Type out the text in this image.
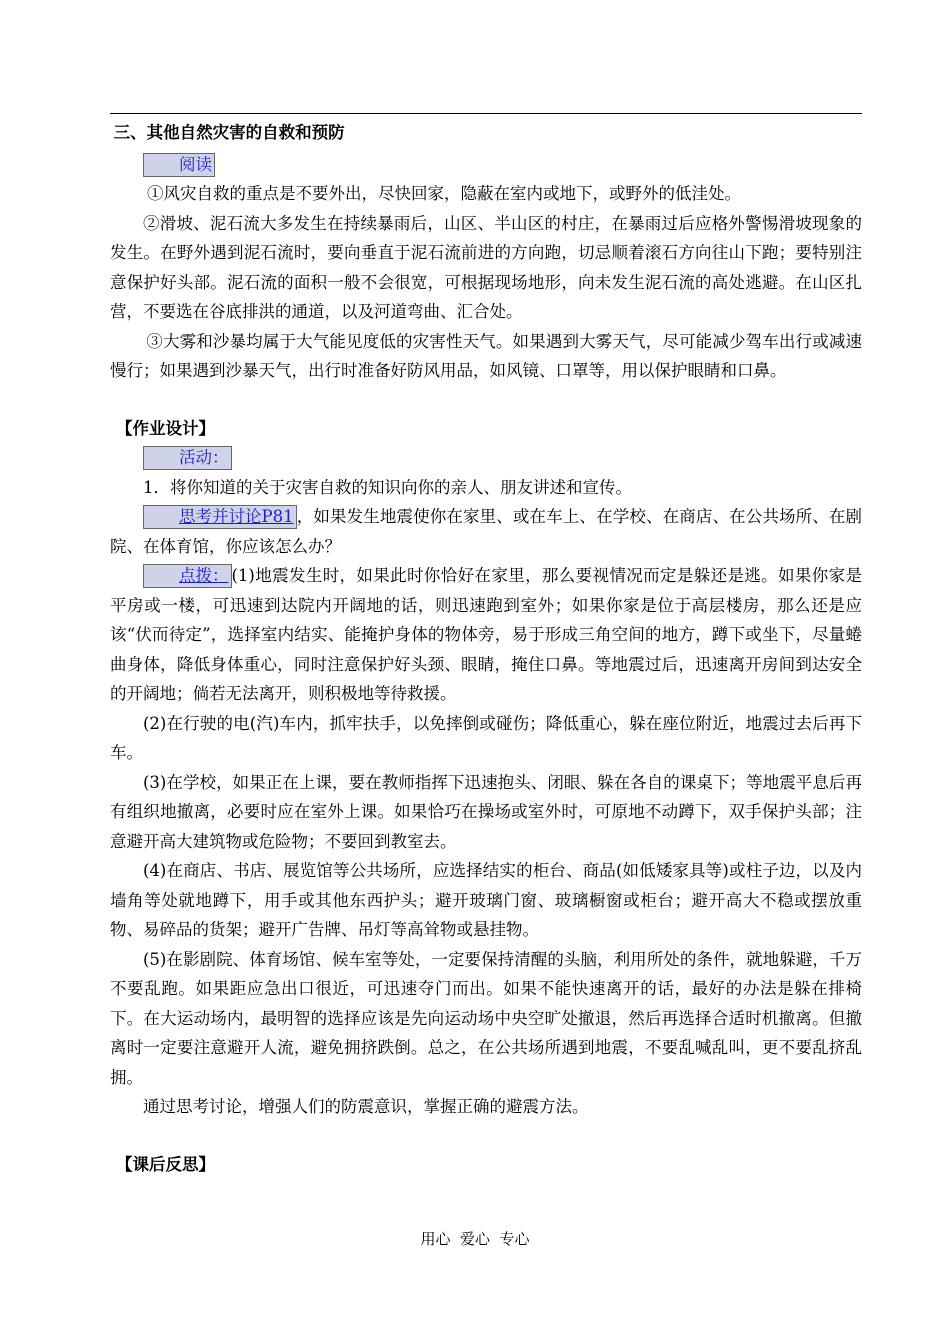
三、其他自然灾害的自救和预防

阅读

①风灾自救的重点是不要外出，尽快回家，隐蔽在室内或地下，或野外的低洼处。

②滑坡、泥石流大多发生在持续暴雨后，山区、半山区的村庄，在暴雨过后应格外警惕滑坡现象的发生。在野外遇到泥石流时，要向垂直于泥石流前进的方向跑，切忌顺着滚石方向往山下跑；要特别注意保护好头部。泥石流的面积一般不会很宽，可根据现场地形，向未发生泥石流的高处逃避。在山区扎营，不要选在谷底排洪的通道，以及河道弯曲、汇合处。

③大雾和沙暴均属于大气能见度低的灾害性天气。如果遇到大雾天气，尽可能减少驾车出行或减速慢行；如果遇到沙暴天气，出行时准备好防风用品，如风镜、口罩等，用以保护眼睛和口鼻。

【作业设计】

活动：

1．将你知道的关于灾害自救的知识向你的亲人、朋友讲述和宣传。

思考并讨论P81 ，如果发生地震使你在家里、或在车上、在学校、在商店、在公共场所、在剧院、在体育馆，你应该怎么办？

点拨： (1)地震发生时，如果此时你恰好在家里，那么要视情况而定是躲还是逃。如果你家是平房或一楼，可迅速到达院内开阔地的话，则迅速跑到室外；如果你家是位于高层楼房，那么还是应该“伏而待定”，选择室内结实、能掩护身体的物体旁，易于形成三角空间的地方，蹲下或坐下，尽量蜷曲身体，降低身体重心，同时注意保护好头颈、眼睛，掩住口鼻。等地震过后，迅速离开房间到达安全的开阔地；倘若无法离开，则积极地等待救援。

(2)在行驶的电(汽)车内，抓牢扶手，以免摔倒或碰伤；降低重心，躲在座位附近，地震过去后再下车。

(3)在学校，如果正在上课，要在教师指挥下迅速抱头、闭眼、躲在各自的课桌下；等地震平息后再有组织地撤离，必要时应在室外上课。如果恰巧在操场或室外时，可原地不动蹲下，双手保护头部；注意避开高大建筑物或危险物；不要回到教室去。

(4)在商店、书店、展览馆等公共场所，应选择结实的柜台、商品(如低矮家具等)或柱子边，以及内墙角等处就地蹲下，用手或其他东西护头；避开玻璃门窗、玻璃橱窗或柜台；避开高大不稳或摆放重物、易碎品的货架；避开广告牌、吊灯等高耸物或悬挂物。

(5)在影剧院、体育场馆、候车室等处，一定要保持清醒的头脑，利用所处的条件，就地躲避，千万不要乱跑。如果距应急出口很近，可迅速夺门而出。如果不能快速离开的话，最好的办法是躲在排椅下。在大运动场内，最明智的选择应该是先向运动场中央空旷处撤退，然后再选择合适时机撤离。但撤离时一定要注意避开人流，避免拥挤跌倒。总之，在公共场所遇到地震，不要乱喊乱叫，更不要乱挤乱拥。

通过思考讨论，增强人们的防震意识，掌握正确的避震方法。

【课后反思】

用心  爱心  专心
